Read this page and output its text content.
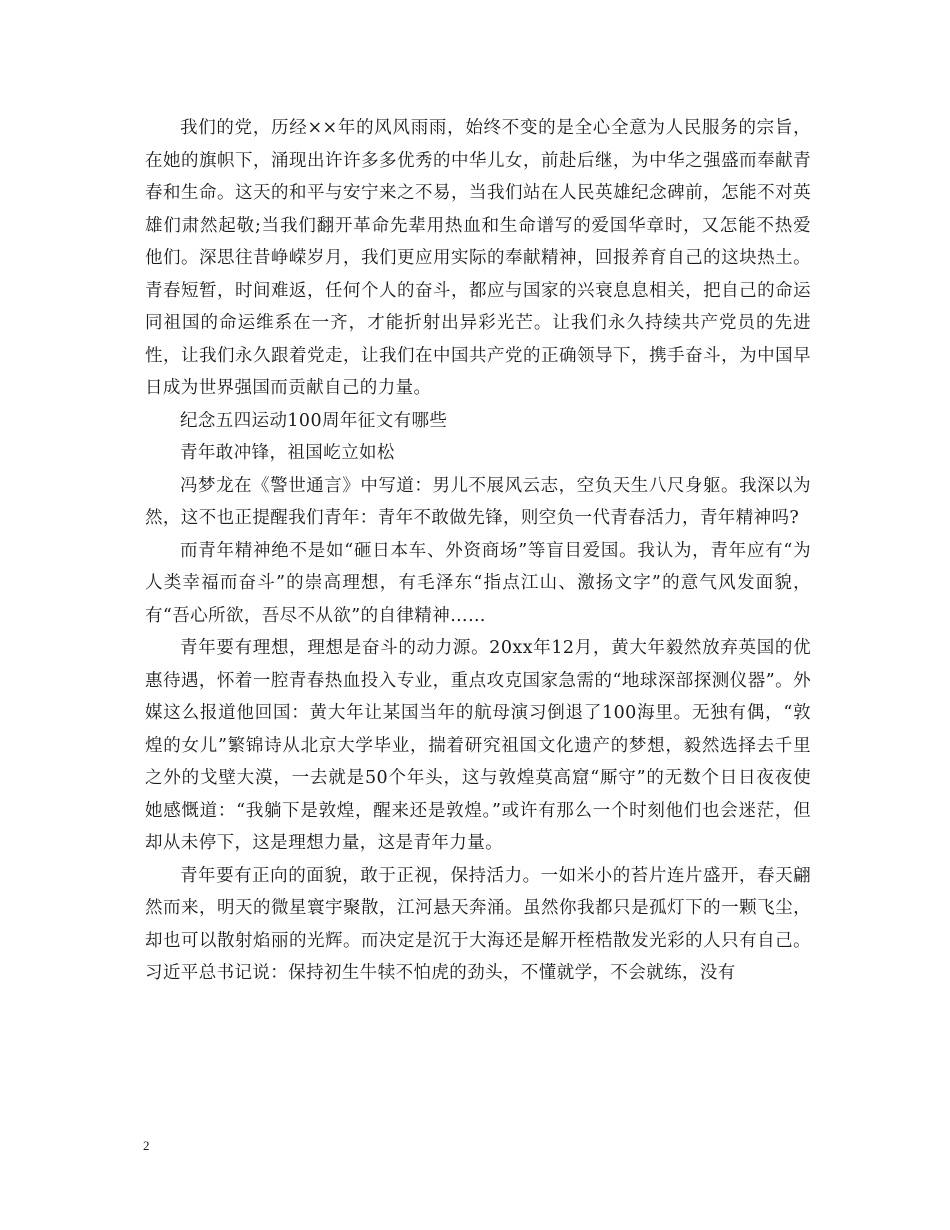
我们的党，历经××年的风风雨雨，始终不变的是全心全意为人民服务的宗旨，在她的旗帜下，涌现出许许多多优秀的中华儿女，前赴后继，为中华之强盛而奉献青春和生命。这天的和平与安宁来之不易，当我们站在人民英雄纪念碑前，怎能不对英雄们肃然起敬;当我们翻开革命先辈用热血和生命谱写的爱国华章时，又怎能不热爱他们。深思往昔峥嵘岁月，我们更应用实际的奉献精神，回报养育自己的这块热土。青春短暂，时间难返，任何个人的奋斗，都应与国家的兴衰息息相关，把自己的命运同祖国的命运维系在一齐，才能折射出异彩光芒。让我们永久持续共产党员的先进性，让我们永久跟着党走，让我们在中国共产党的正确领导下，携手奋斗，为中国早日成为世界强国而贡献自己的力量。

纪念五四运动100周年征文有哪些

青年敢冲锋，祖国屹立如松

冯梦龙在《警世通言》中写道：男儿不展风云志，空负天生八尺身躯。我深以为然，这不也正提醒我们青年：青年不敢做先锋，则空负一代青春活力，青年精神吗?

而青年精神绝不是如“砸日本车、外资商场”等盲目爱国。我认为，青年应有“为人类幸福而奋斗”的崇高理想，有毛泽东“指点江山、激扬文字”的意气风发面貌，有“吾心所欲，吾尽不从欲”的自律精神……

青年要有理想，理想是奋斗的动力源。20xx年12月，黄大年毅然放弃英国的优惠待遇，怀着一腔青春热血投入专业，重点攻克国家急需的“地球深部探测仪器”。外媒这么报道他回国：黄大年让某国当年的航母演习倒退了100海里。无独有偶，“敦煌的女儿”繁锦诗从北京大学毕业，揣着研究祖国文化遗产的梦想，毅然选择去千里之外的戈壁大漠，一去就是50个年头，这与敦煌莫高窟“厮守”的无数个日日夜夜使她感慨道：“我躺下是敦煌，醒来还是敦煌。”或许有那么一个时刻他们也会迷茫，但却从未停下，这是理想力量，这是青年力量。

青年要有正向的面貌，敢于正视，保持活力。一如米小的苔片连片盛开，春天翩然而来，明天的微星寰宇聚散，江河悬天奔涌。虽然你我都只是孤灯下的一颗飞尘，却也可以散射焰丽的光辉。而决定是沉于大海还是解开桎梏散发光彩的人只有自己。习近平总书记说：保持初生牛犊不怕虎的劲头，不懂就学，不会就练，没有

2
